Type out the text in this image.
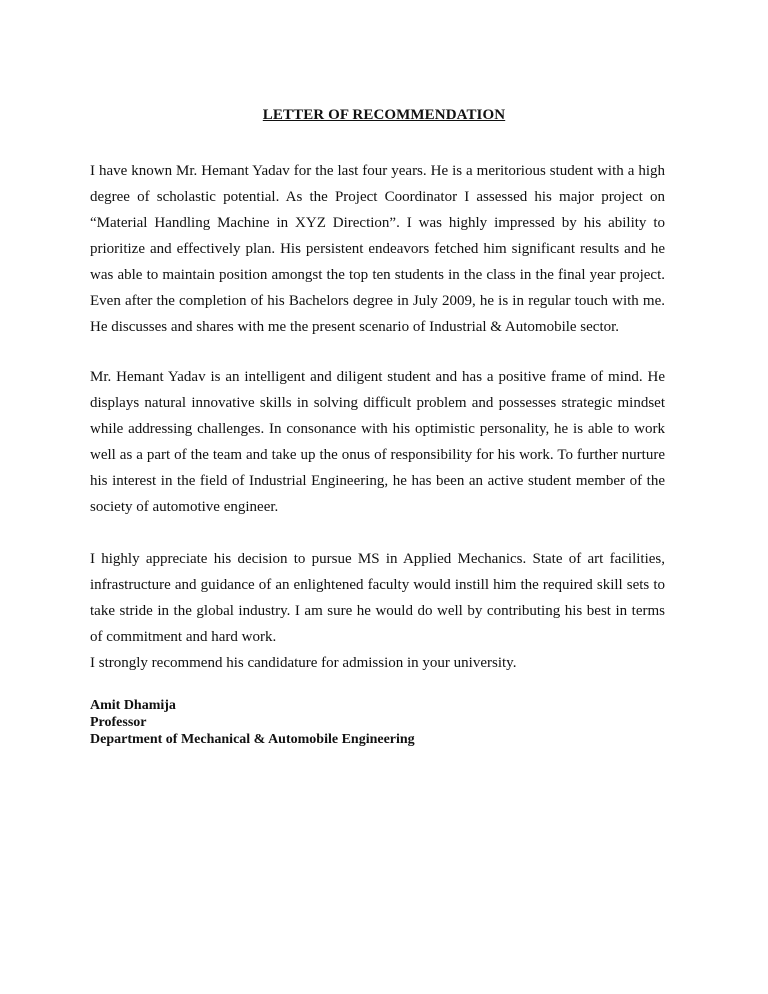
LETTER OF RECOMMENDATION

I have known Mr. Hemant Yadav for the last four years. He is a meritorious student with a high degree of scholastic potential. As the Project Coordinator I assessed his major project on “Material Handling Machine in XYZ Direction”. I was highly impressed by his ability to prioritize and effectively plan. His persistent endeavors fetched him significant results and he was able to maintain position amongst the top ten students in the class in the final year project. Even after the completion of his Bachelors degree in July 2009, he is in regular touch with me. He discusses and shares with me the present scenario of Industrial & Automobile sector.

Mr. Hemant Yadav is an intelligent and diligent student and has a positive frame of mind. He displays natural innovative skills in solving difficult problem and possesses strategic mindset while addressing challenges. In consonance with his optimistic personality, he is able to work well as a part of the team and take up the onus of responsibility for his work. To further nurture his interest in the field of Industrial Engineering, he has been an active student member of the society of automotive engineer.

I highly appreciate his decision to pursue MS in Applied Mechanics. State of art facilities, infrastructure and guidance of an enlightened faculty would instill him the required skill sets to take stride in the global industry. I am sure he would do well by contributing his best in terms of commitment and hard work.

I strongly recommend his candidature for admission in your university.

Amit Dhamija
Professor
Department of Mechanical & Automobile Engineering
